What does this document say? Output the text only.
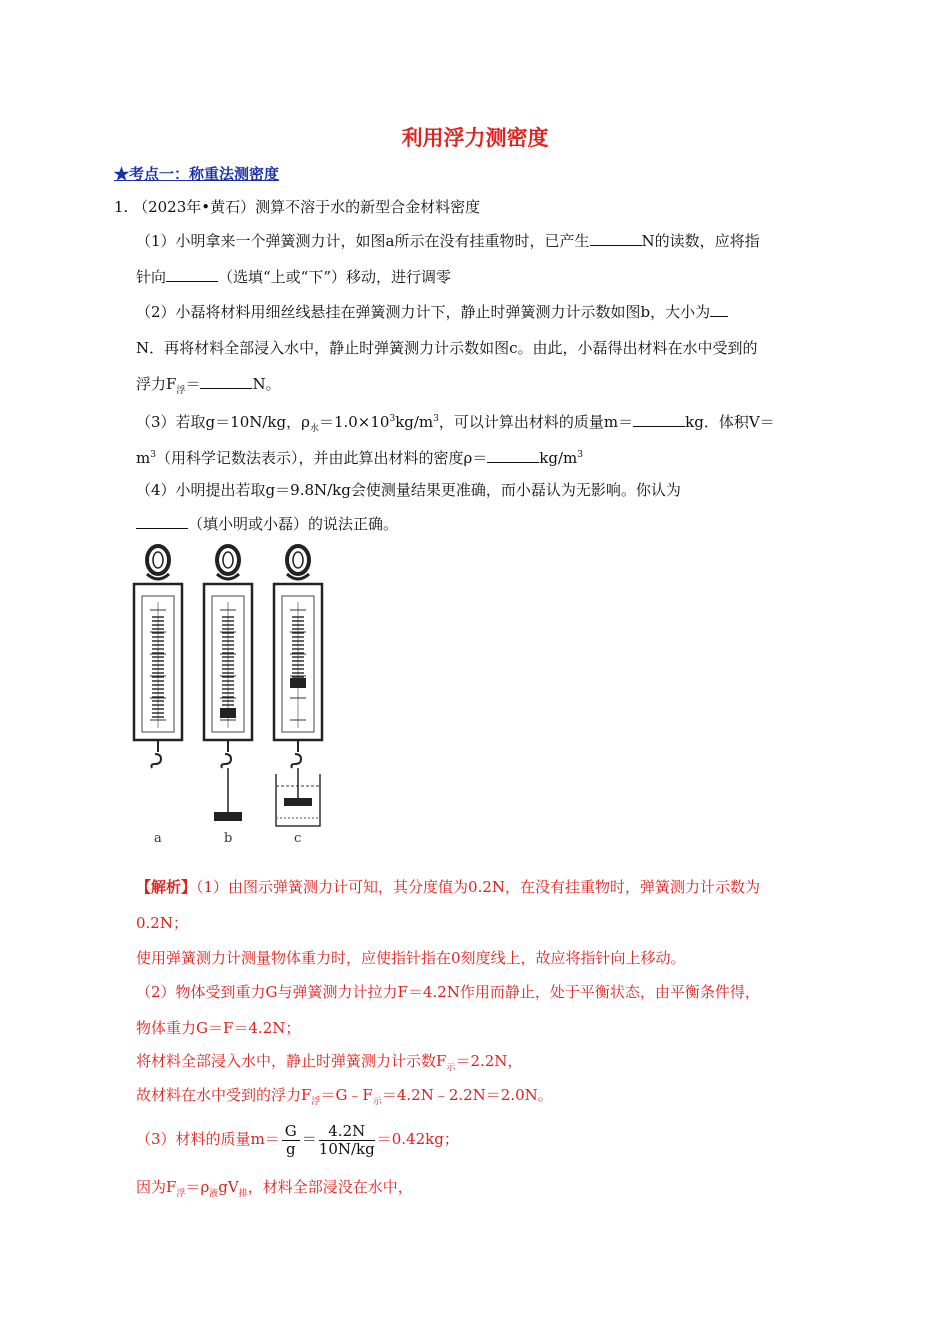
利用浮力测密度
★考点一：称重法测密度
1. （2023年•黄石）测算不溶于水的新型合金材料密度
（1）小明拿来一个弹簧测力计，如图a所示在没有挂重物时，已产生	N的读数，应将指
针向	（选填“上或“下”）移动，进行调零
（2）小磊将材料用细丝线悬挂在弹簧测力计下，静止时弹簧测力计示数如图b，大小为
N．再将材料全部浸入水中，静止时弹簧测力计示数如图c。由此，小磊得出材料在水中受到的
浮力$F_浮=$	N。
（3）若取g＝10N/kg，$\rho_水=1.0\times 10^3kg/m^3$，可以计算出材料的质量m＝	kg．体积V＝
$m^3$（用科学记数法表示），并由此算出材料的密度ρ＝	$kg/m^3$
（4）小明提出若取g＝9.8N/kg会使测量结果更准确，而小磊认为无影响。你认为
（填小明或小磊）的说法正确。
a	b	c
【解析】（1）由图示弹簧测力计可知，其分度值为0.2N，在没有挂重物时，弹簧测力计示数为
0.2N；
使用弹簧测力计测量物体重力时，应使指针指在0刻度线上，故应将指针向上移动。
（2）物体受到重力G与弹簧测力计拉力F＝4.2N作用而静止，处于平衡状态，由平衡条件得，
物体重力G＝F＝4.2N；
将材料全部浸入水中，静止时弹簧测力计示数$F_示=2.2N$，
故材料在水中受到的浮力$F_浮=G﹣F_示=4.2N﹣2.2N=2.0N$。
（3）材料的质量$m= \frac{G}{g} = \frac{4.2N}{10N/kg} =0.42kg$；
因为$F_浮=\rho_液gV_排$，材料全部浸没在水中，
